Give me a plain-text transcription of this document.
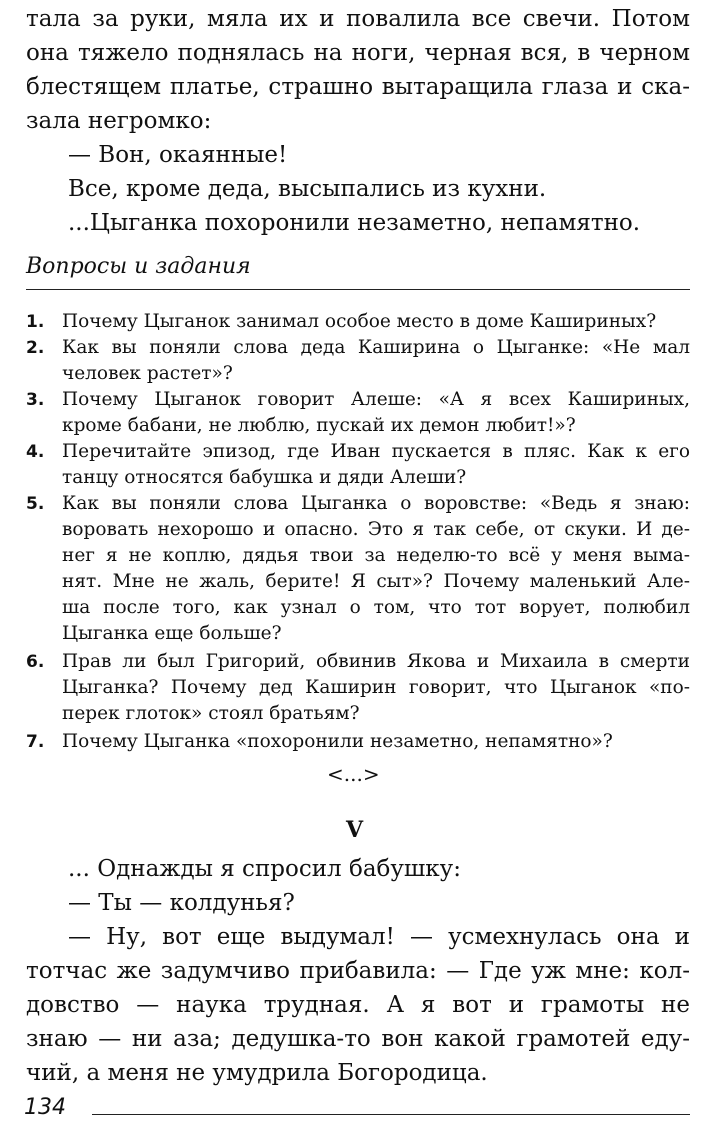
тала за руки, мяла их и повалила все свечи. Потом
она тяжело поднялась на ноги, черная вся, в черном
блестящем платье, страшно вытаращила глаза и ска-
зала негромко:
— Вон, окаянные!
Все, кроме деда, высыпались из кухни.
...Цыганка похоронили незаметно, непамятно.
Вопросы и задания
1. Почему Цыганок занимал особое место в доме Кашириных?
2. Как вы поняли слова деда Каширина о Цыганке: «Не мал
человек растет»?
3. Почему Цыганок говорит Алеше: «А я всех Кашириных,
кроме бабани, не люблю, пускай их демон любит!»?
4. Перечитайте эпизод, где Иван пускается в пляс. Как к его
танцу относятся бабушка и дяди Алеши?
5. Как вы поняли слова Цыганка о воровстве: «Ведь я знаю:
воровать нехорошо и опасно. Это я так себе, от скуки. И де-
нег я не коплю, дядья твои за неделю-то всё у меня выма-
нят. Мне не жаль, берите! Я сыт»? Почему маленький Але-
ша после того, как узнал о том, что тот ворует, полюбил
Цыганка еще больше?
6. Прав ли был Григорий, обвинив Якова и Михаила в смерти
Цыганка? Почему дед Каширин говорит, что Цыганок «по-
перек глоток» стоял братьям?
7. Почему Цыганка «похоронили незаметно, непамятно»?
<...>
V
... Однажды я спросил бабушку:
— Ты — колдунья?
— Ну, вот еще выдумал! — усмехнулась она и
тотчас же задумчиво прибавила: — Где уж мне: кол-
довство — наука трудная. А я вот и грамоты не
знаю — ни аза; дедушка-то вон какой грамотей еду-
чий, а меня не умудрила Богородица.
134
